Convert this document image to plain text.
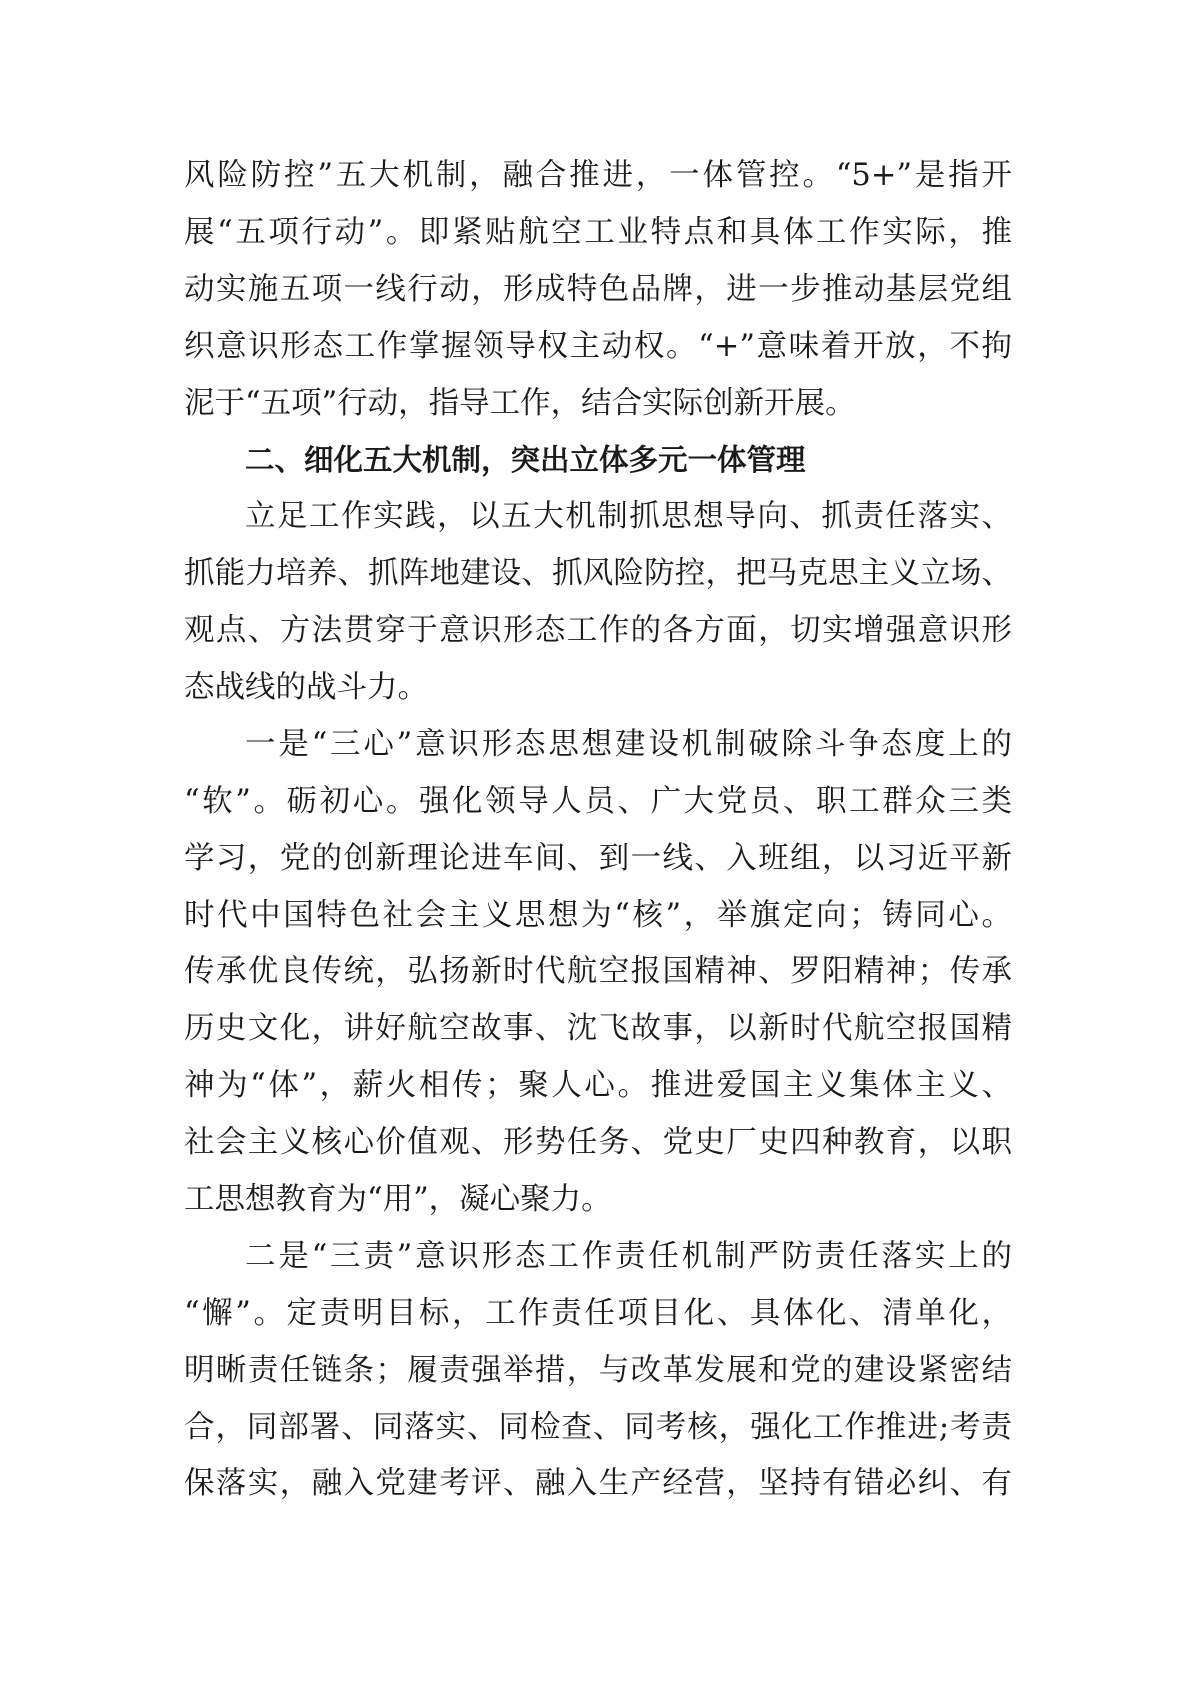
风险防控”五大机制，融合推进，一体管控。“5+”是指开
展“五项行动”。即紧贴航空工业特点和具体工作实际，推
动实施五项一线行动，形成特色品牌，进一步推动基层党组
织意识形态工作掌握领导权主动权。“+”意味着开放，不拘
泥于“五项”行动，指导工作，结合实际创新开展。
二、细化五大机制，突出立体多元一体管理
立足工作实践，以五大机制抓思想导向、抓责任落实、
抓能力培养、抓阵地建设、抓风险防控，把马克思主义立场、
观点、方法贯穿于意识形态工作的各方面，切实增强意识形
态战线的战斗力。
一是“三心”意识形态思想建设机制破除斗争态度上的
“软”。砺初心。强化领导人员、广大党员、职工群众三类
学习，党的创新理论进车间、到一线、入班组，以习近平新
时代中国特色社会主义思想为“核”，举旗定向；铸同心。
传承优良传统，弘扬新时代航空报国精神、罗阳精神；传承
历史文化，讲好航空故事、沈飞故事，以新时代航空报国精
神为“体”，薪火相传；聚人心。推进爱国主义集体主义、
社会主义核心价值观、形势任务、党史厂史四种教育，以职
工思想教育为“用”，凝心聚力。
二是“三责”意识形态工作责任机制严防责任落实上的
“懈”。定责明目标，工作责任项目化、具体化、清单化，
明晰责任链条；履责强举措，与改革发展和党的建设紧密结
合，同部署、同落实、同检查、同考核，强化工作推进;考责
保落实，融入党建考评、融入生产经营，坚持有错必纠、有
